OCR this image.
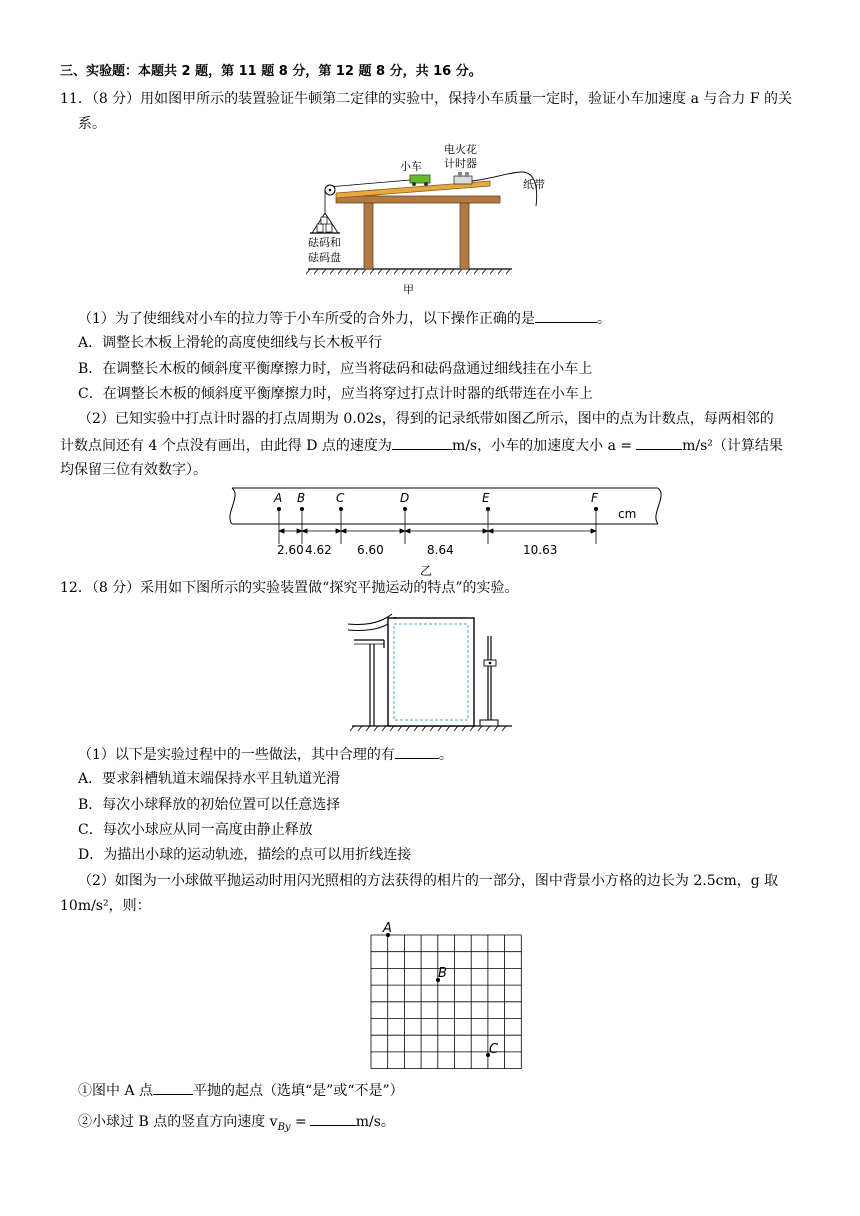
三、实验题：本题共 2 题，第 11 题 8 分，第 12 题 8 分，共 16 分。
11．（8 分）用如图甲所示的装置验证牛顿第二定律的实验中，保持小车质量一定时，验证小车加速度 a 与合力 F 的关
系。
小车
电火花
计时器
纸带
砝码和
砝码盘
甲
（1）为了使细线对小车的拉力等于小车所受的合外力，以下操作正确的是	。
A．调整长木板上滑轮的高度使细线与长木板平行
B．在调整长木板的倾斜度平衡摩擦力时，应当将砝码和砝码盘通过细线挂在小车上
C．在调整长木板的倾斜度平衡摩擦力时，应当将穿过打点计时器的纸带连在小车上
（2）已知实验中打点计时器的打点周期为 0.02s，得到的记录纸带如图乙所示，图中的点为计数点，每两相邻的
计数点间还有 4 个点没有画出，由此得 D 点的速度为	m/s，小车的加速度大小 a =	m/s²（计算结果
均保留三位有效数字）。
A B	C	D	E	F
cm
2.60 4.62 6.60	8.64	10.63
乙
12．（8 分）采用如下图所示的实验装置做“探究平抛运动的特点”的实验。
（1）以下是实验过程中的一些做法，其中合理的有	。
A．要求斜槽轨道末端保持水平且轨道光滑
B．每次小球释放的初始位置可以任意选择
C．每次小球应从同一高度由静止释放
D．为描出小球的运动轨迹，描绘的点可以用折线连接
（2）如图为一小球做平抛运动时用闪光照相的方法获得的相片的一部分，图中背景小方格的边长为 2.5cm，g 取
10m/s²，则：
A
B
C
①图中 A 点	平抛的起点（选填“是”或“不是”）
②小球过 B 点的竖直方向速度 $v_{By}$ =	m/s。
